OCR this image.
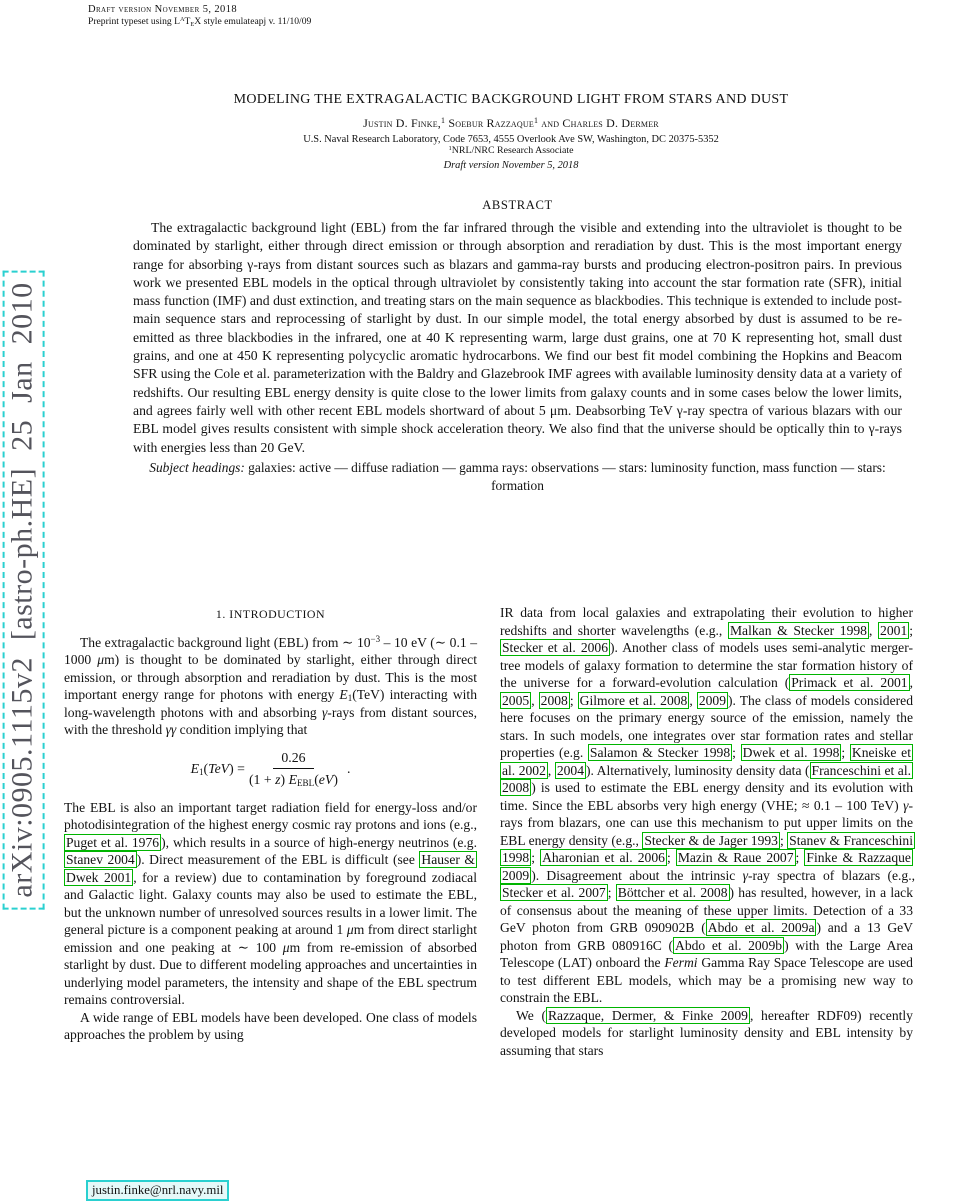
Draft version November 5, 2018
Preprint typeset using $L^AT_EX$ style emulateapj v. 11/10/09
arXiv:0905.1115v2 [astro-ph.HE] 25 Jan 2010
MODELING THE EXTRAGALACTIC BACKGROUND LIGHT FROM STARS AND DUST
Justin D. Finke,$^1$ Soebur Razzaque$^1$ and Charles D. Dermer
U.S. Naval Research Laboratory, Code 7653, 4555 Overlook Ave SW, Washington, DC 20375-5352
$^1$NRL/NRC Research Associate
Draft version November 5, 2018
ABSTRACT

The extragalactic background light (EBL) from the far infrared through the visible and extending into the ultraviolet is thought to be dominated by starlight, either through direct emission or through absorption and reradiation by dust. This is the most important energy range for absorbing γ-rays from distant sources such as blazars and gamma-ray bursts and producing electron-positron pairs. In previous work we presented EBL models in the optical through ultraviolet by consistently taking into account the star formation rate (SFR), initial mass function (IMF) and dust extinction, and treating stars on the main sequence as blackbodies. This technique is extended to include post-main sequence stars and reprocessing of starlight by dust. In our simple model, the total energy absorbed by dust is assumed to be re-emitted as three blackbodies in the infrared, one at 40 K representing warm, large dust grains, one at 70 K representing hot, small dust grains, and one at 450 K representing polycyclic aromatic hydrocarbons. We find our best fit model combining the Hopkins and Beacom SFR using the Cole et al. parameterization with the Baldry and Glazebrook IMF agrees with available luminosity density data at a variety of redshifts. Our resulting EBL energy density is quite close to the lower limits from galaxy counts and in some cases below the lower limits, and agrees fairly well with other recent EBL models shortward of about 5 μm. Deabsorbing TeV γ-ray spectra of various blazars with our EBL model gives results consistent with simple shock acceleration theory. We also find that the universe should be optically thin to γ-rays with energies less than 20 GeV.

Subject headings: galaxies: active — diffuse radiation — gamma rays: observations — stars: luminosity function, mass function — stars: formation

1. INTRODUCTION

The extragalactic background light (EBL) from ∼ $10^{-3} - 10$ eV (∼ 0.1 – 1000 μm) is thought to be dominated by starlight, either through direct emission, or through absorption and reradiation by dust. This is the most important energy range for photons with energy $E_1(TeV)$ interacting with long-wavelength photons with and absorbing γ-rays from distant sources, with the threshold γγ condition implying that

$E_1(TeV) = \frac{0.26}{(1 + z) E_{EBL}(eV)}$ .

The EBL is also an important target radiation field for energy-loss and/or photodisintegration of the highest energy cosmic ray protons and ions (e.g., Puget et al. 1976 ), which results in a source of high-energy neutrinos (e.g. Stanev 2004 ). Direct measurement of the EBL is difficult (see Hauser & Dwek 2001 , for a review) due to contamination by foreground zodiacal and Galactic light. Galaxy counts may also be used to estimate the EBL, but the unknown number of unresolved sources results in a lower limit. The general picture is a component peaking at around 1 μm from direct starlight emission and one peaking at ∼ 100 μm from re-emission of absorbed starlight by dust. Due to different modeling approaches and uncertainties in underlying model parameters, the intensity and shape of the EBL spectrum remains controversial.

A wide range of EBL models have been developed. One class of models approaches the problem by using

IR data from local galaxies and extrapolating their evolution to higher redshifts and shorter wavelengths (e.g., Malkan & Stecker 1998 , 2001 ; Stecker et al. 2006 ). Another class of models uses semi-analytic merger-tree models of galaxy formation to determine the star formation history of the universe for a forward-evolution calculation ( Primack et al. 2001 , 2005 , 2008 ; Gilmore et al. 2008 , 2009 ). The class of models considered here focuses on the primary energy source of the emission, namely the stars. In such models, one integrates over star formation rates and stellar properties (e.g. Salamon & Stecker 1998 ; Dwek et al. 1998 ; Kneiske et al. 2002 , 2004 ). Alternatively, luminosity density data ( Franceschini et al. 2008 ) is used to estimate the EBL energy density and its evolution with time. Since the EBL absorbs very high energy (VHE; ≈ 0.1 – 100 TeV) γ-rays from blazars, one can use this mechanism to put upper limits on the EBL energy density (e.g., Stecker & de Jager 1993 ; Stanev & Franceschini 1998 ; Aharonian et al. 2006 ; Mazin & Raue 2007 ; Finke & Razzaque 2009 ). Disagreement about the intrinsic γ-ray spectra of blazars (e.g., Stecker et al. 2007 ; Böttcher et al. 2008 ) has resulted, however, in a lack of consensus about the meaning of these upper limits. Detection of a 33 GeV photon from GRB 090902B ( Abdo et al. 2009a ) and a 13 GeV photon from GRB 080916C ( Abdo et al. 2009b ) with the Large Area Telescope (LAT) onboard the Fermi Gamma Ray Space Telescope are used to test different EBL models, which may be a promising new way to constrain the EBL.

We ( Razzaque, Dermer, & Finke 2009 , hereafter RDF09) recently developed models for starlight luminosity density and EBL intensity by assuming that stars

justin.finke@nrl.navy.mil
